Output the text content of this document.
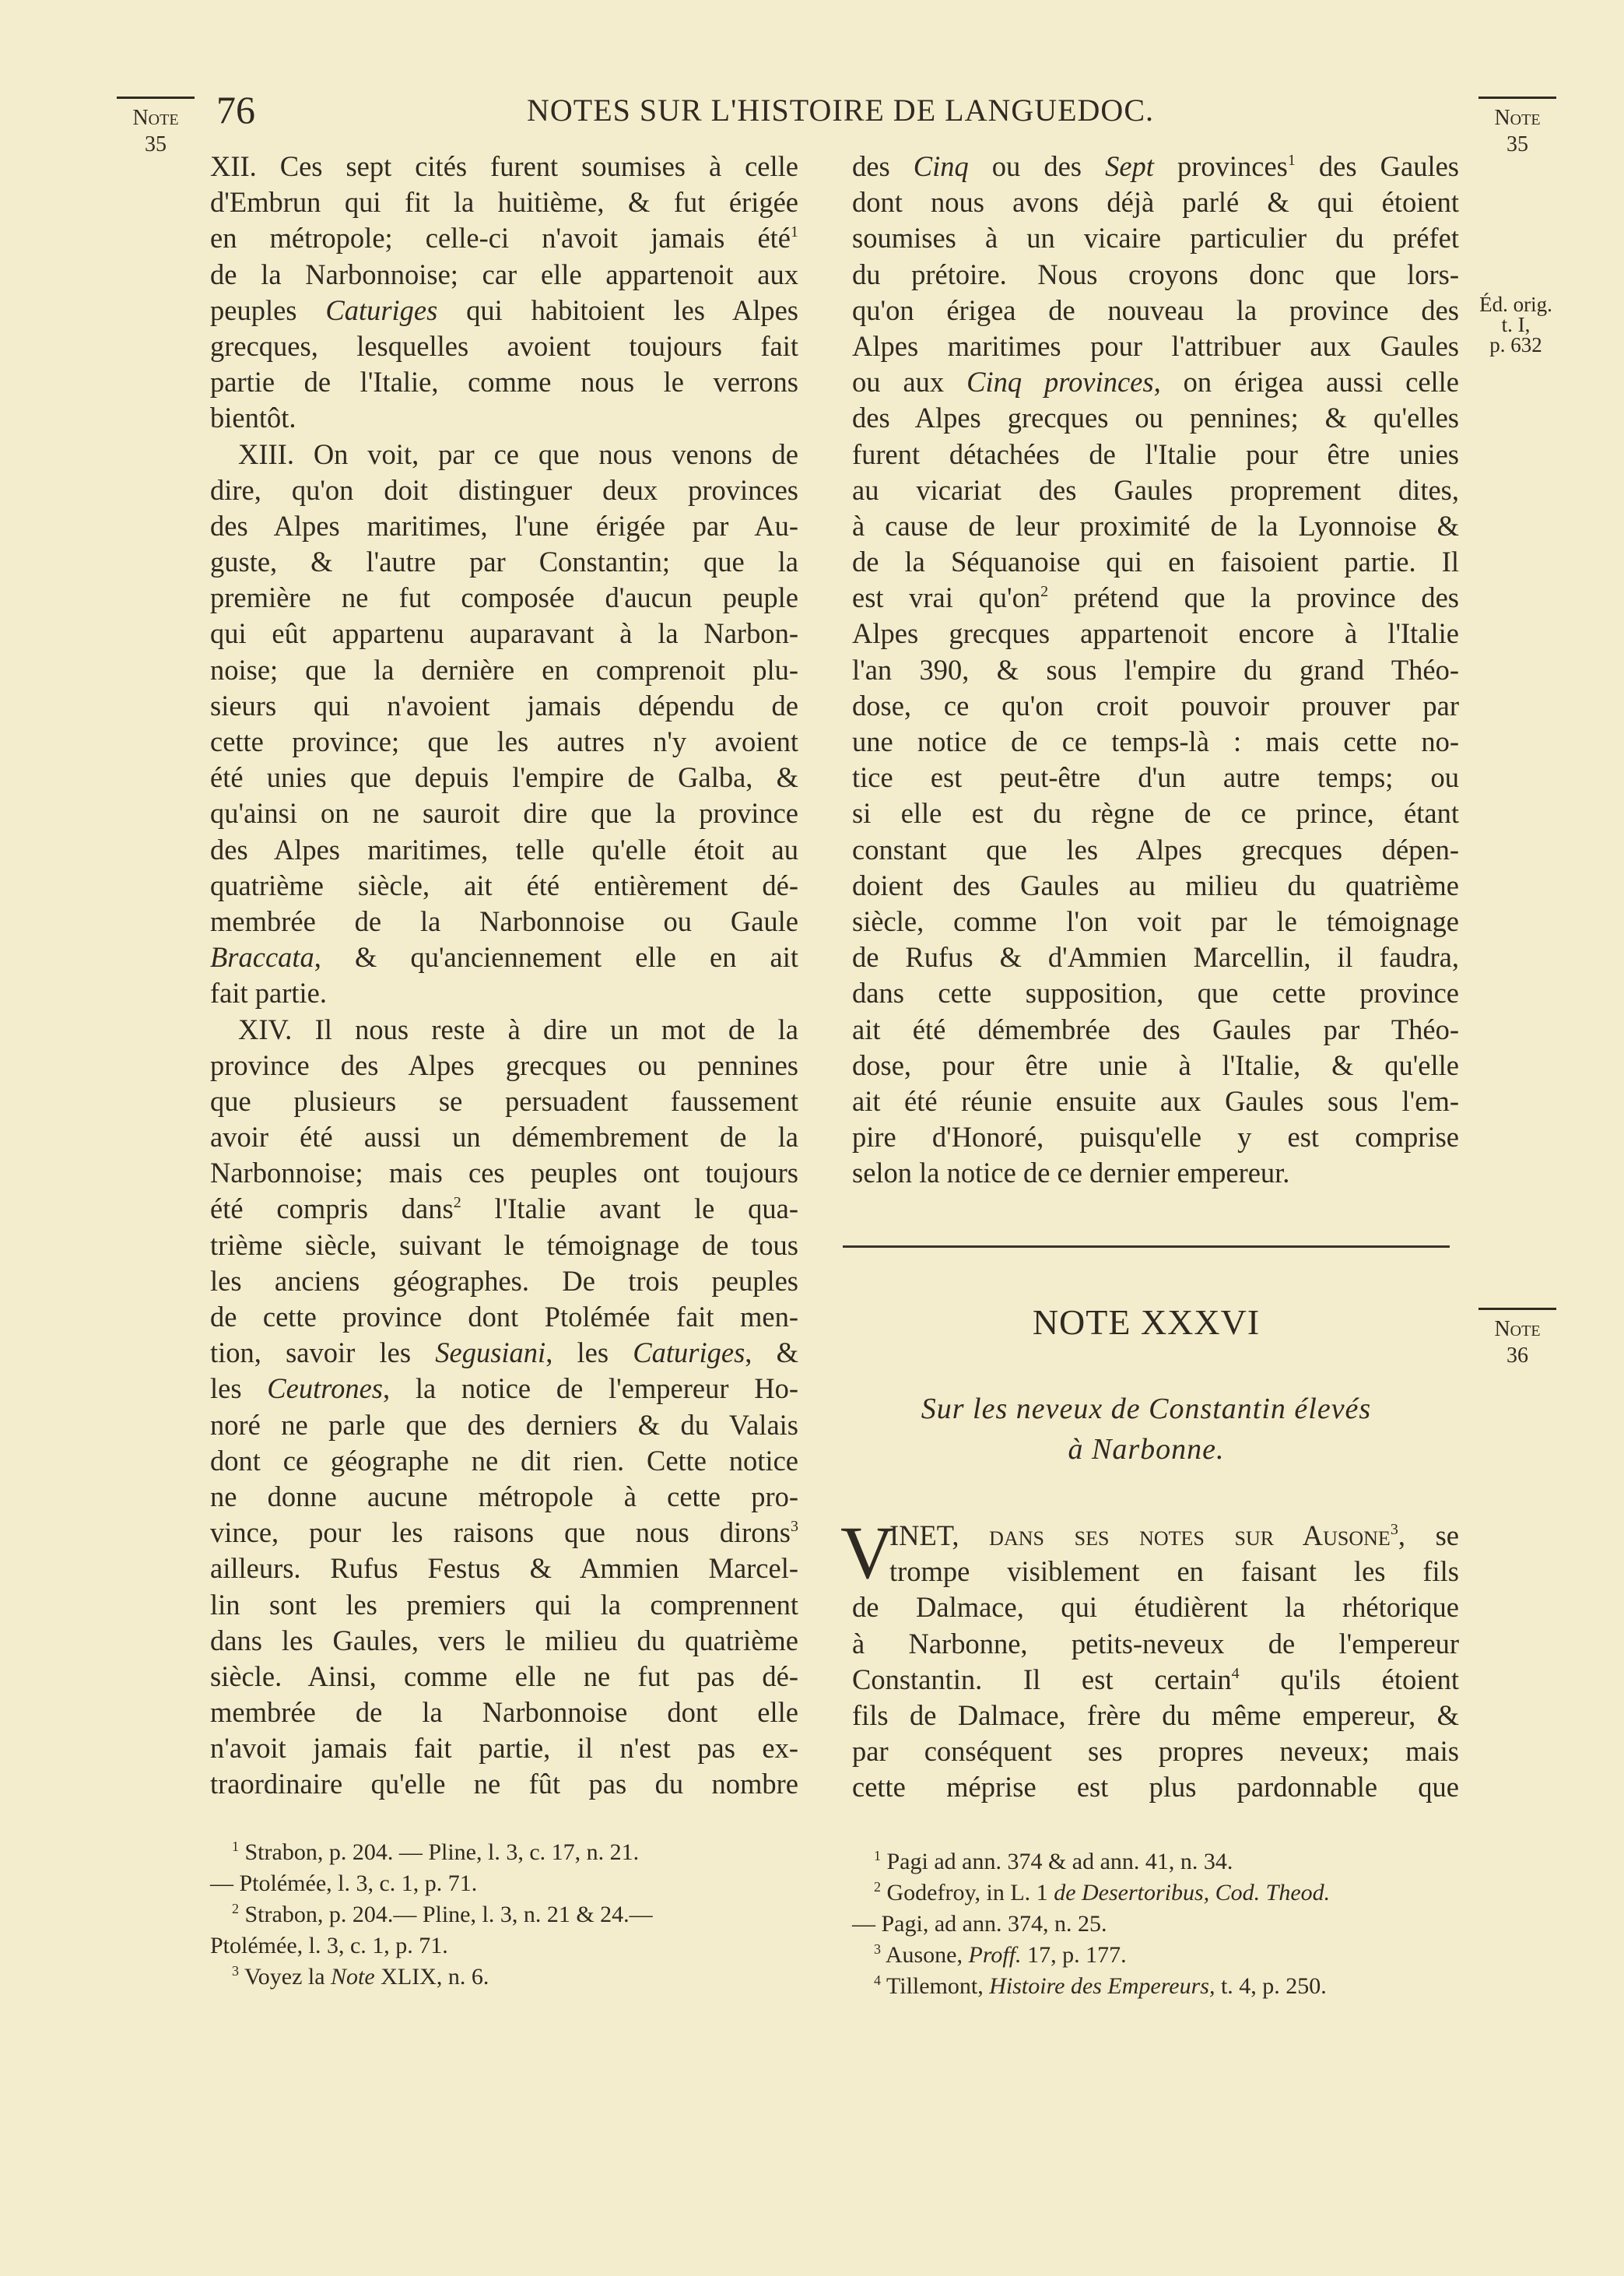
Note
35
76	NOTES SUR L'HISTOIRE DE LANGUEDOC.	Note
35
Éd. orig.
t. I,
p. 632
Note
36
XII. Ces sept cités furent soumises à celle
d'Embrun qui fit la huitième, & fut érigée
en métropole; celle-ci n'avoit jamais été$^1$
de la Narbonnoise; car elle appartenoit aux
peuples Caturiges qui habitoient les Alpes
grecques, lesquelles avoient toujours fait
partie de l'Italie, comme nous le verrons
bientôt.
XIII. On voit, par ce que nous venons de
dire, qu'on doit distinguer deux provinces
des Alpes maritimes, l'une érigée par Au-
guste, & l'autre par Constantin; que la
première ne fut composée d'aucun peuple
qui eût appartenu auparavant à la Narbon-
noise; que la dernière en comprenoit plu-
sieurs qui n'avoient jamais dépendu de
cette province; que les autres n'y avoient
été unies que depuis l'empire de Galba, &
qu'ainsi on ne sauroit dire que la province
des Alpes maritimes, telle qu'elle étoit au
quatrième siècle, ait été entièrement dé-
membrée de la Narbonnoise ou Gaule
Braccata, & qu'anciennement elle en ait
fait partie.
XIV. Il nous reste à dire un mot de la
province des Alpes grecques ou pennines
que plusieurs se persuadent faussement
avoir été aussi un démembrement de la
Narbonnoise; mais ces peuples ont toujours
été compris dans$^2$ l'Italie avant le qua-
trième siècle, suivant le témoignage de tous
les anciens géographes. De trois peuples
de cette province dont Ptolémée fait men-
tion, savoir les Segusiani, les Caturiges, &
les Ceutrones, la notice de l'empereur Ho-
noré ne parle que des derniers & du Valais
dont ce géographe ne dit rien. Cette notice
ne donne aucune métropole à cette pro-
vince, pour les raisons que nous dirons$^3$
ailleurs. Rufus Festus & Ammien Marcel-
lin sont les premiers qui la comprennent
dans les Gaules, vers le milieu du quatrième
siècle. Ainsi, comme elle ne fut pas dé-
membrée de la Narbonnoise dont elle
n'avoit jamais fait partie, il n'est pas ex-
traordinaire qu'elle ne fût pas du nombre
des Cinq ou des Sept provinces$^1$ des Gaules
dont nous avons déjà parlé & qui étoient
soumises à un vicaire particulier du préfet
du prétoire. Nous croyons donc que lors-
qu'on érigea de nouveau la province des
Alpes maritimes pour l'attribuer aux Gaules
ou aux Cinq provinces, on érigea aussi celle
des Alpes grecques ou pennines; & qu'elles
furent détachées de l'Italie pour être unies
au vicariat des Gaules proprement dites,
à cause de leur proximité de la Lyonnoise &
de la Séquanoise qui en faisoient partie. Il
est vrai $qu'on^2$ prétend que la province des
Alpes grecques appartenoit encore à l'Italie
l'an 390, & sous l'empire du grand Théo-
dose, ce qu'on croit pouvoir prouver par
une notice de ce temps-là : mais cette no-
tice est peut-être d'un autre temps; ou
si elle est du règne de ce prince, étant
constant que les Alpes grecques dépen-
doient des Gaules au milieu du quatrième
siècle, comme l'on voit par le témoignage
de Rufus & d'Ammien Marcellin, il faudra,
dans cette supposition, que cette province
ait été démembrée des Gaules par Théo-
dose, pour être unie à l'Italie, & qu'elle
ait été réunie ensuite aux Gaules sous l'em-
pire d'Honoré, puisqu'elle y est comprise
selon la notice de ce dernier empereur.
NOTE XXXVI
Sur les neveux de Constantin élevés
à Narbonne.
V
INET, dans ses notes sur Ausone$^3$, se
trompe visiblement en faisant les fils
de Dalmace, qui étudièrent la rhétorique
à Narbonne, petits-neveux de l'empereur
Constantin. Il est certain$^4$ qu'ils étoient
fils de Dalmace, frère du même empereur, &
par conséquent ses propres neveux; mais
cette méprise est plus pardonnable que
$^1$ Strabon, p. 204. — Pline, l. 3, c. 17, n. 21.
— Ptolémée, l. 3, c. 1, p. 71.
$^2$ Strabon, p. 204.— Pline, l. 3, n. 21 & 24.—
Ptolémée, l. 3, c. 1, p. 71.
$^3$ Voyez la Note XLIX, n. 6.
$^1$ Pagi ad ann. 374 & ad ann. 41, n. 34.
$^2$ Godefroy, in L. 1 de Desertoribus, Cod. Theod.
— Pagi, ad ann. 374, n. 25.
$^3$ Ausone, Proff. 17, p. 177.
$^4$ Tillemont, Histoire des Empereurs, t. 4, p. 250.
